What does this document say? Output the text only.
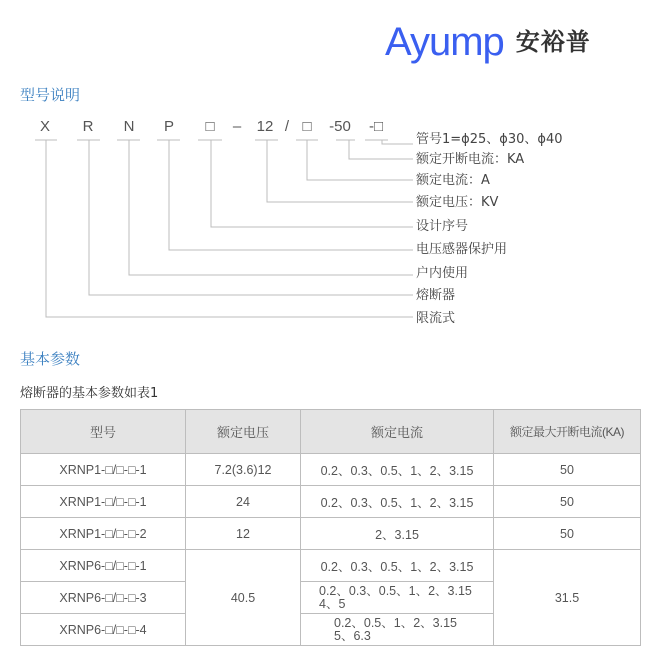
Ayump 安裕普
型号说明
X R N P □ – 12 / □ -50 -□
管号1=ϕ25、ϕ30、ϕ40
额定开断电流：KA
额定电流：A
额定电压：KV
设计序号
电压感器保护用
户内使用
熔断器
限流式
基本参数
熔断器的基本参数如表1
型号	额定电压	额定电流	额定最大开断电流(KA)
XRNP1-□/□-□-1	7.2(3.6)12	0.2、0.3、0.5、1、2、3.15	50
XRNP1-□/□-□-1	24	0.2、0.3、0.5、1、2、3.15	50
XRNP1-□/□-□-2	12	2、3.15	50
XRNP6-□/□-□-1	40.5	0.2、0.3、0.5、1、2、3.15	31.5
XRNP6-□/□-□-3		0.2、0.3、0.5、1、2、3.15
4、5	

XRNP6-□/□-□-4		0.2、0.5、1、2、3.15
5、6.3	
